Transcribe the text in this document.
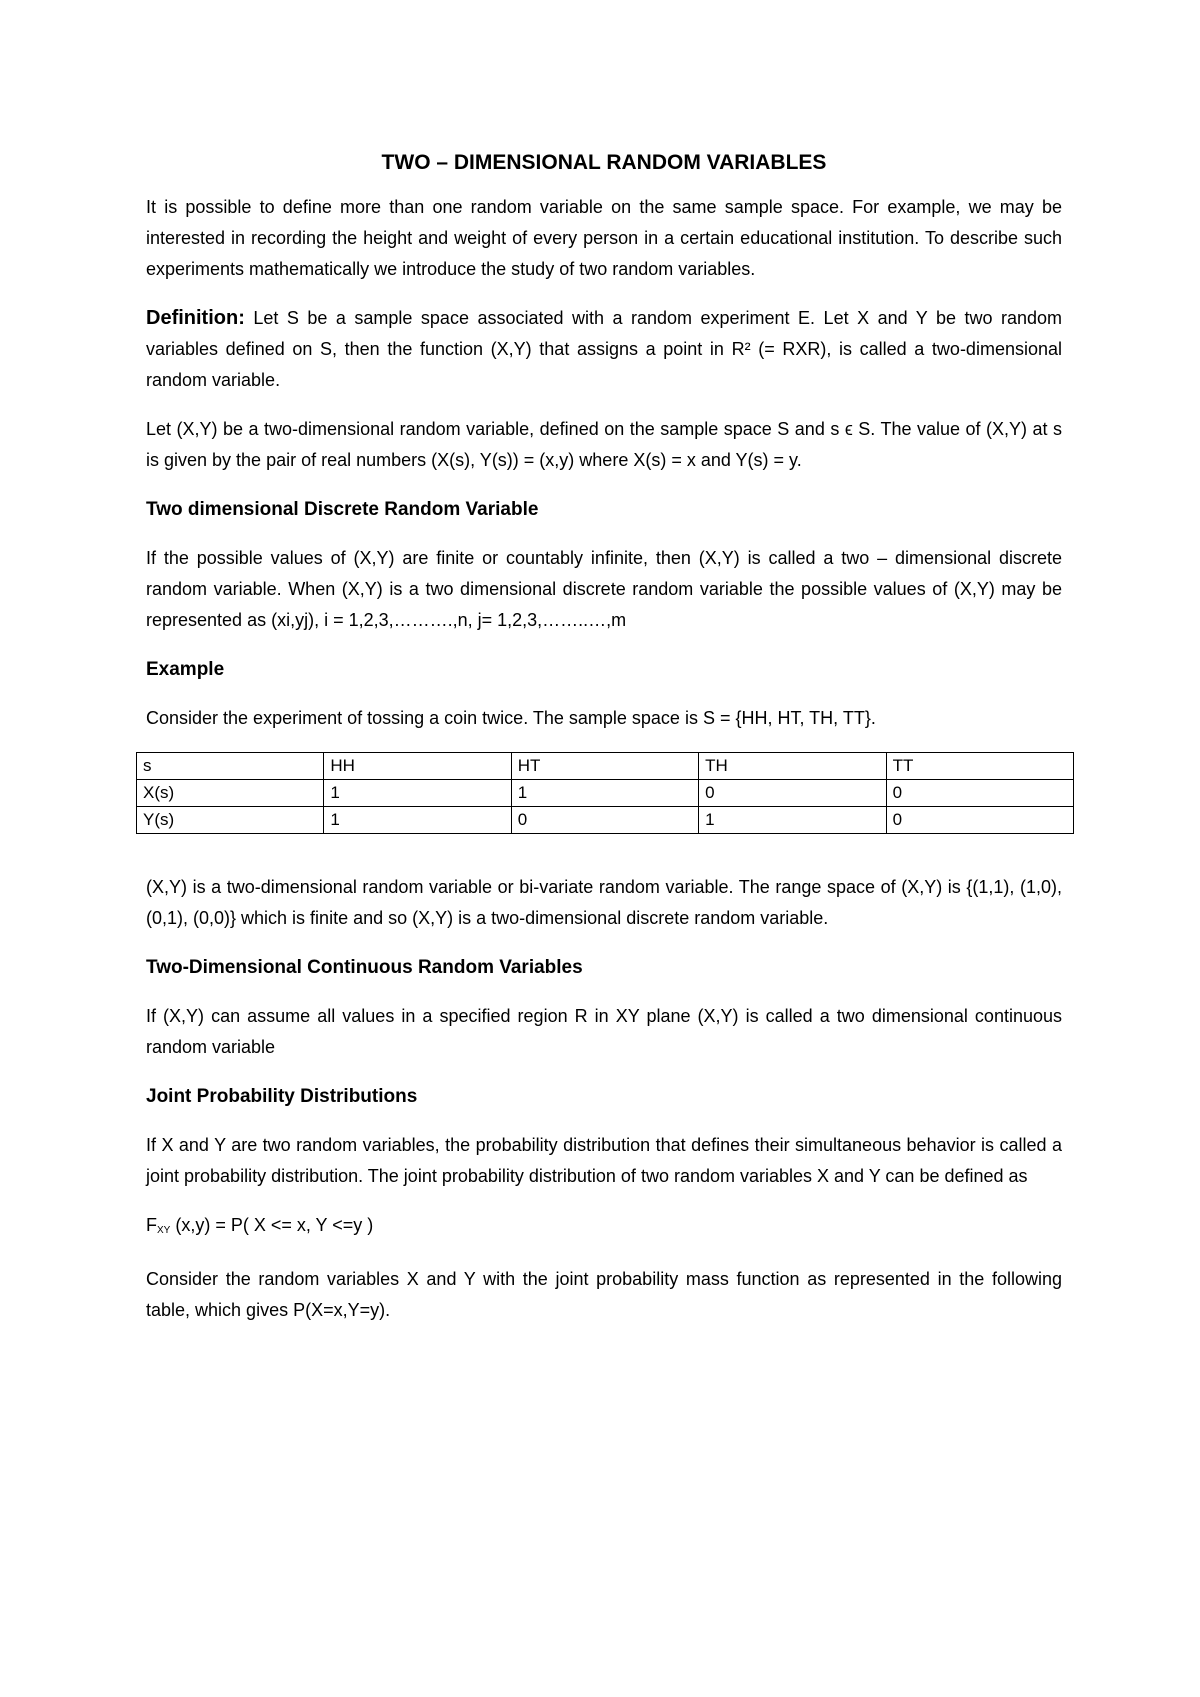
TWO – DIMENSIONAL RANDOM VARIABLES

It is possible to define more than one random variable on the same sample space. For example, we may be interested in recording the height and weight of every person in a certain educational institution. To describe such experiments mathematically we introduce the study of two random variables.

Definition: Let S be a sample space associated with a random experiment E. Let X and Y be two random variables defined on S, then the function (X,Y) that assigns a point in R² (= RXR), is called a two-dimensional random variable.

Let (X,Y) be a two-dimensional random variable, defined on the sample space S and s ϵ S. The value of (X,Y) at s is given by the pair of real numbers (X(s), Y(s)) = (x,y) where X(s) = x and Y(s) = y.

Two dimensional Discrete Random Variable

If the possible values of (X,Y) are finite or countably infinite, then (X,Y) is called a two – dimensional discrete random variable. When (X,Y) is a two dimensional discrete random variable the possible values of (X,Y) may be represented as (xi,yj), i = 1,2,3,……….,n, j= 1,2,3,……..…,m

Example

Consider the experiment of tossing a coin twice. The sample space is S = {HH, HT, TH, TT}.

s	HH	HT	TH	TT
X(s)	1	1	0	0
Y(s)	1	0	1	0

(X,Y) is a two-dimensional random variable or bi-variate random variable. The range space of (X,Y) is {(1,1), (1,0), (0,1), (0,0)} which is finite and so (X,Y) is a two-dimensional discrete random variable.

Two-Dimensional Continuous Random Variables

If (X,Y) can assume all values in a specified region R in XY plane (X,Y) is called a two dimensional continuous random variable

Joint Probability Distributions

If X and Y are two random variables, the probability distribution that defines their simultaneous behavior is called a joint probability distribution. The joint probability distribution of two random variables X and Y can be defined as

$F_{XY}$ (x,y) = P( X <= x, Y <=y )

Consider the random variables X and Y with the joint probability mass function as represented in the following table, which gives P(X=x,Y=y).
